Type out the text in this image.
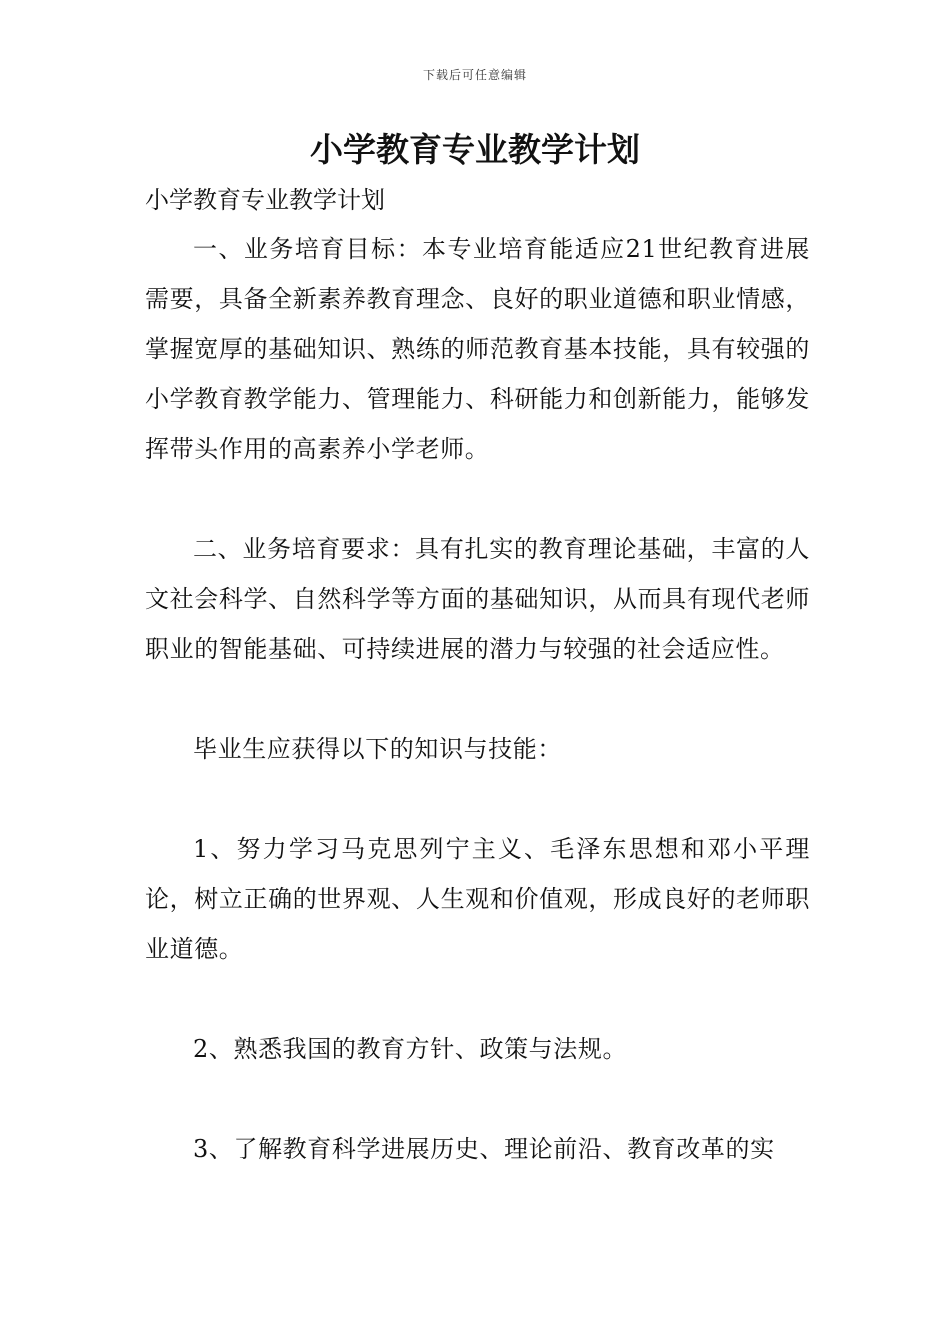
下载后可任意编辑
小学教育专业教学计划

小学教育专业教学计划

一、业务培育目标：本专业培育能适应21世纪教育进展需要，具备全新素养教育理念、良好的职业道德和职业情感，掌握宽厚的基础知识、熟练的师范教育基本技能，具有较强的小学教育教学能力、管理能力、科研能力和创新能力，能够发挥带头作用的高素养小学老师。

二、业务培育要求：具有扎实的教育理论基础，丰富的人文社会科学、自然科学等方面的基础知识，从而具有现代老师职业的智能基础、可持续进展的潜力与较强的社会适应性。

毕业生应获得以下的知识与技能：

1、努力学习马克思列宁主义、毛泽东思想和邓小平理论，树立正确的世界观、人生观和价值观，形成良好的老师职业道德。

2、熟悉我国的教育方针、政策与法规。

3、了解教育科学进展历史、理论前沿、教育改革的实
